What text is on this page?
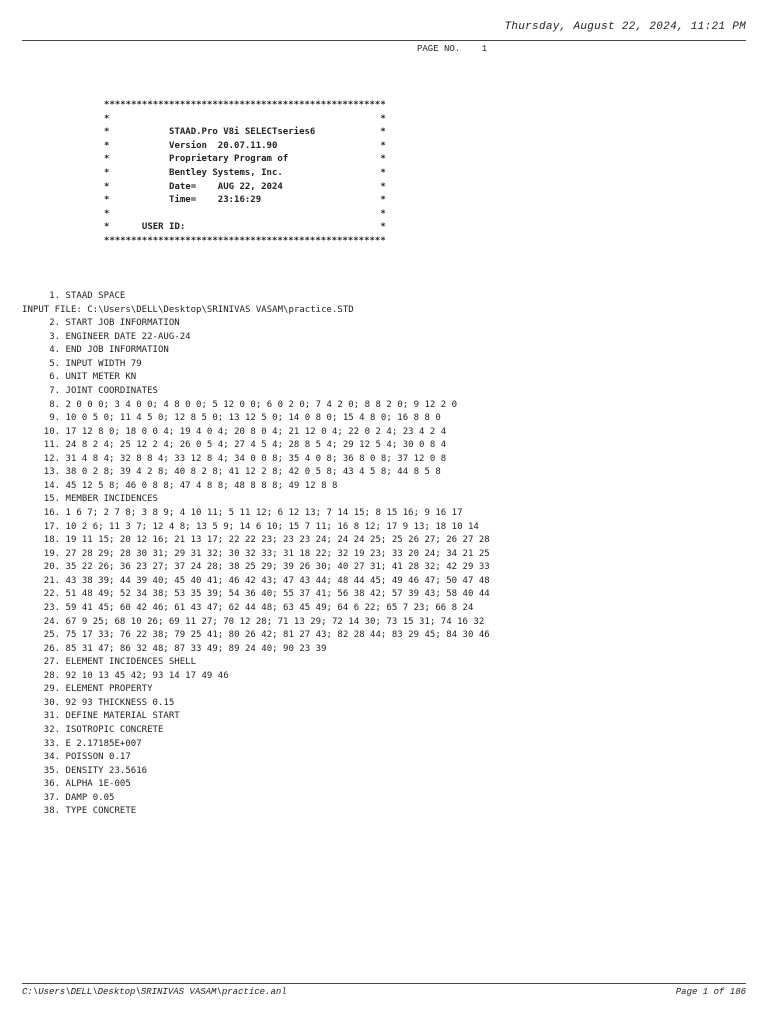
Thursday, August 22, 2024, 11:21 PM
PAGE NO.    1
****************************************************
*                                                  *
*           STAAD.Pro V8i SELECTseries6            *
*           Version  20.07.11.90                   *
*           Proprietary Program of                 *
*           Bentley Systems, Inc.                  *
*           Date=    AUG 22, 2024                  *
*           Time=    23:16:29                      *
*                                                  *
*      USER ID:                                    *
****************************************************
1. STAAD SPACE
INPUT FILE: C:\Users\DELL\Desktop\SRINIVAS VASAM\practice.STD
2. START JOB INFORMATION
3. ENGINEER DATE 22-AUG-24
4. END JOB INFORMATION
5. INPUT WIDTH 79
6. UNIT METER KN
7. JOINT COORDINATES
8. 2 0 0 0; 3 4 0 0; 4 8 0 0; 5 12 0 0; 6 0 2 0; 7 4 2 0; 8 8 2 0; 9 12 2 0
9. 10 0 5 0; 11 4 5 0; 12 8 5 0; 13 12 5 0; 14 0 8 0; 15 4 8 0; 16 8 8 0
10. 17 12 8 0; 18 0 0 4; 19 4 0 4; 20 8 0 4; 21 12 0 4; 22 0 2 4; 23 4 2 4
11. 24 8 2 4; 25 12 2 4; 26 0 5 4; 27 4 5 4; 28 8 5 4; 29 12 5 4; 30 0 8 4
12. 31 4 8 4; 32 8 8 4; 33 12 8 4; 34 0 0 8; 35 4 0 8; 36 8 0 8; 37 12 0 8
13. 38 0 2 8; 39 4 2 8; 40 8 2 8; 41 12 2 8; 42 0 5 8; 43 4 5 8; 44 8 5 8
14. 45 12 5 8; 46 0 8 8; 47 4 8 8; 48 8 8 8; 49 12 8 8
15. MEMBER INCIDENCES
16. 1 6 7; 2 7 8; 3 8 9; 4 10 11; 5 11 12; 6 12 13; 7 14 15; 8 15 16; 9 16 17
17. 10 2 6; 11 3 7; 12 4 8; 13 5 9; 14 6 10; 15 7 11; 16 8 12; 17 9 13; 18 10 14
18. 19 11 15; 20 12 16; 21 13 17; 22 22 23; 23 23 24; 24 24 25; 25 26 27; 26 27 28
19. 27 28 29; 28 30 31; 29 31 32; 30 32 33; 31 18 22; 32 19 23; 33 20 24; 34 21 25
20. 35 22 26; 36 23 27; 37 24 28; 38 25 29; 39 26 30; 40 27 31; 41 28 32; 42 29 33
21. 43 38 39; 44 39 40; 45 40 41; 46 42 43; 47 43 44; 48 44 45; 49 46 47; 50 47 48
22. 51 48 49; 52 34 38; 53 35 39; 54 36 40; 55 37 41; 56 38 42; 57 39 43; 58 40 44
23. 59 41 45; 60 42 46; 61 43 47; 62 44 48; 63 45 49; 64 6 22; 65 7 23; 66 8 24
24. 67 9 25; 68 10 26; 69 11 27; 70 12 28; 71 13 29; 72 14 30; 73 15 31; 74 16 32
25. 75 17 33; 76 22 38; 79 25 41; 80 26 42; 81 27 43; 82 28 44; 83 29 45; 84 30 46
26. 85 31 47; 86 32 48; 87 33 49; 89 24 40; 90 23 39
27. ELEMENT INCIDENCES SHELL
28. 92 10 13 45 42; 93 14 17 49 46
29. ELEMENT PROPERTY
30. 92 93 THICKNESS 0.15
31. DEFINE MATERIAL START
32. ISOTROPIC CONCRETE
33. E 2.17185E+007
34. POISSON 0.17
35. DENSITY 23.5616
36. ALPHA 1E-005
37. DAMP 0.05
38. TYPE CONCRETE
C:\Users\DELL\Desktop\SRINIVAS VASAM\practice.anl	Page 1 of 186
